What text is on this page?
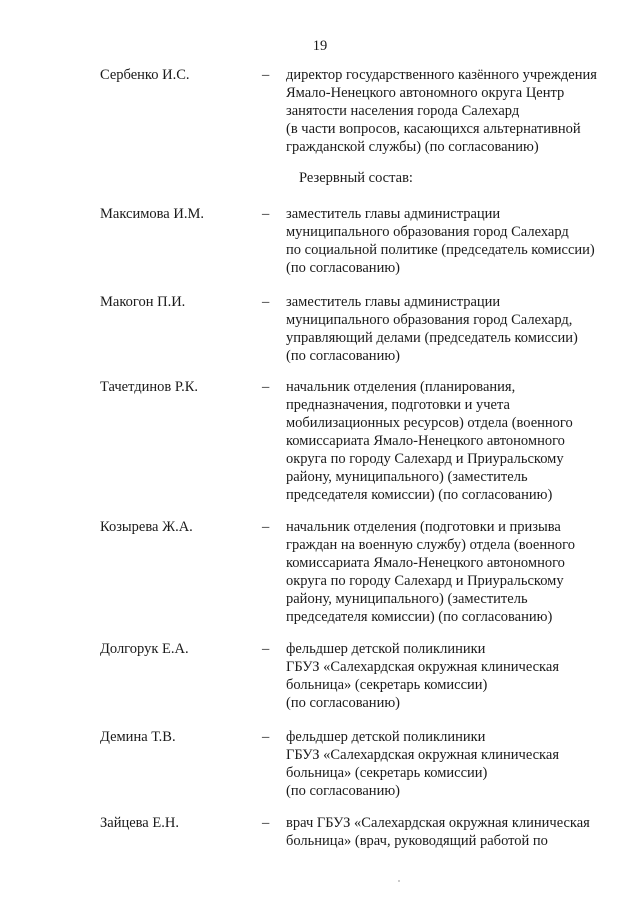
19
Сербенко И.С.	– директор государственного казённого учреждения
Ямало-Ненецкого автономного округа Центр
занятости населения города Салехард
(в части вопросов, касающихся альтернативной
гражданской службы) (по согласованию)
Резервный состав:
Максимова И.М.	– заместитель главы администрации
муниципального образования город Салехард
по социальной политике (председатель комиссии)
(по согласованию)
Макогон П.И.	– заместитель главы администрации
муниципального образования город Салехард,
управляющий делами (председатель комиссии)
(по согласованию)
Тачетдинов Р.К.	– начальник отделения (планирования,
предназначения, подготовки и учета
мобилизационных ресурсов) отдела (военного
комиссариата Ямало-Ненецкого автономного
округа по городу Салехард и Приуральскому
району, муниципального) (заместитель
председателя комиссии) (по согласованию)
Козырева Ж.А.	– начальник отделения (подготовки и призыва
граждан на военную службу) отдела (военного
комиссариата Ямало-Ненецкого автономного
округа по городу Салехард и Приуральскому
району, муниципального) (заместитель
председателя комиссии) (по согласованию)
Долгорук Е.А.	– фельдшер детской поликлиники
ГБУЗ «Салехардская окружная клиническая
больница» (секретарь комиссии)
(по согласованию)
Демина Т.В.	– фельдшер детской поликлиники
ГБУЗ «Салехардская окружная клиническая
больница» (секретарь комиссии)
(по согласованию)
Зайцева Е.Н.	– врач ГБУЗ «Салехардская окружная клиническая
больница» (врач, руководящий работой по
